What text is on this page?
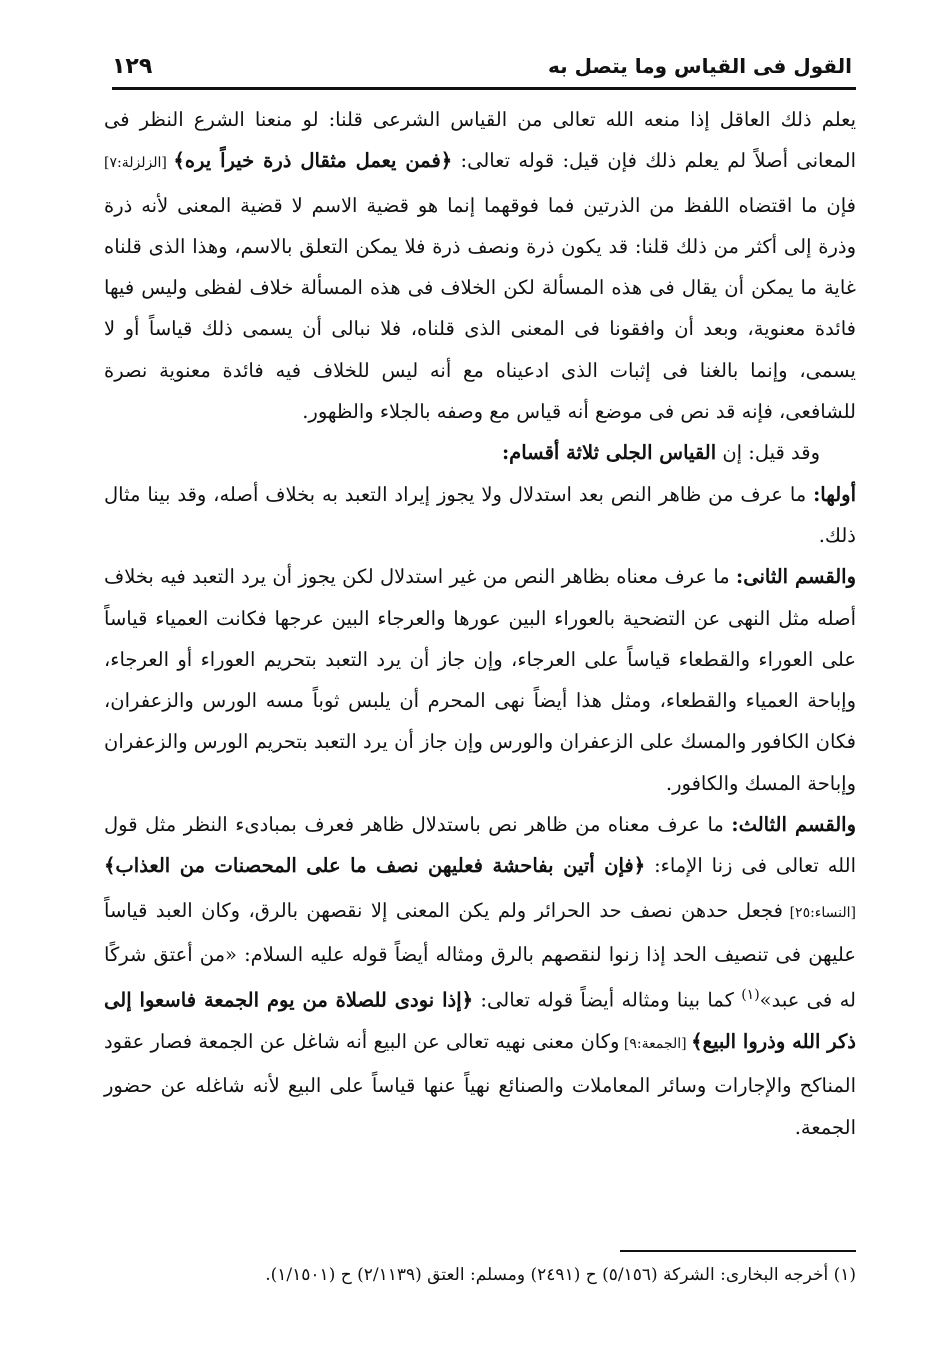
القول فى القياس وما يتصل به
١٢٩

يعلم ذلك العاقل إذا منعه الله تعالى من القياس الشرعى قلنا: لو منعنا الشرع النظر فى المعانى أصلاً لم يعلم ذلك فإن قيل: قوله تعالى: ﴿فمن يعمل مثقال ذرة خيراً يره﴾ [الزلزلة:٧] فإن ما اقتضاه اللفظ من الذرتين فما فوقهما إنما هو قضية الاسم لا قضية المعنى لأنه ذرة وذرة إلى أكثر من ذلك قلنا: قد يكون ذرة ونصف ذرة فلا يمكن التعلق بالاسم، وهذا الذى قلناه غاية ما يمكن أن يقال فى هذه المسألة لكن الخلاف فى هذه المسألة خلاف لفظى وليس فيها فائدة معنوية، وبعد أن وافقونا فى المعنى الذى قلناه، فلا نبالى أن يسمى ذلك قياساً أو لا يسمى، وإنما بالغنا فى إثبات الذى ادعيناه مع أنه ليس للخلاف فيه فائدة معنوية نصرة للشافعى، فإنه قد نص فى موضع أنه قياس مع وصفه بالجلاء والظهور.

وقد قيل: إن القياس الجلى ثلاثة أقسام:

أولها: ما عرف من ظاهر النص بعد استدلال ولا يجوز إيراد التعبد به بخلاف أصله، وقد بينا مثال ذلك.

والقسم الثانى: ما عرف معناه بظاهر النص من غير استدلال لكن يجوز أن يرد التعبد فيه بخلاف أصله مثل النهى عن التضحية بالعوراء البين عورها والعرجاء البين عرجها فكانت العمياء قياساً على العوراء والقطعاء قياساً على العرجاء، وإن جاز أن يرد التعبد بتحريم العوراء أو العرجاء، وإباحة العمياء والقطعاء، ومثل هذا أيضاً نهى المحرم أن يلبس ثوباً مسه الورس والزعفران، فكان الكافور والمسك على الزعفران والورس وإن جاز أن يرد التعبد بتحريم الورس والزعفران وإباحة المسك والكافور.

والقسم الثالث: ما عرف معناه من ظاهر نص باستدلال ظاهر فعرف بمبادىء النظر مثل قول الله تعالى فى زنا الإماء: ﴿فإن أتين بفاحشة فعليهن نصف ما على المحصنات من العذاب﴾ [النساء:٢٥] فجعل حدهن نصف حد الحرائر ولم يكن المعنى إلا نقصهن بالرق، وكان العبد قياساً عليهن فى تنصيف الحد إذا زنوا لنقصهم بالرق ومثاله أيضاً قوله عليه السلام: «من أعتق شركًا له فى عبد»$^{(١)}$ كما بينا ومثاله أيضاً قوله تعالى: ﴿إذا نودى للصلاة من يوم الجمعة فاسعوا إلى ذكر الله وذروا البيع﴾ [الجمعة:٩] وكان معنى نهيه تعالى عن البيع أنه شاغل عن الجمعة فصار عقود المناكح والإجارات وسائر المعاملات والصنائع نهياً عنها قياساً على البيع لأنه شاغله عن حضور الجمعة.

(١) أخرجه البخارى: الشركة (٥/١٥٦) ح (٢٤٩١) ومسلم: العتق (٢/١١٣٩) ح (١/١٥٠١).
